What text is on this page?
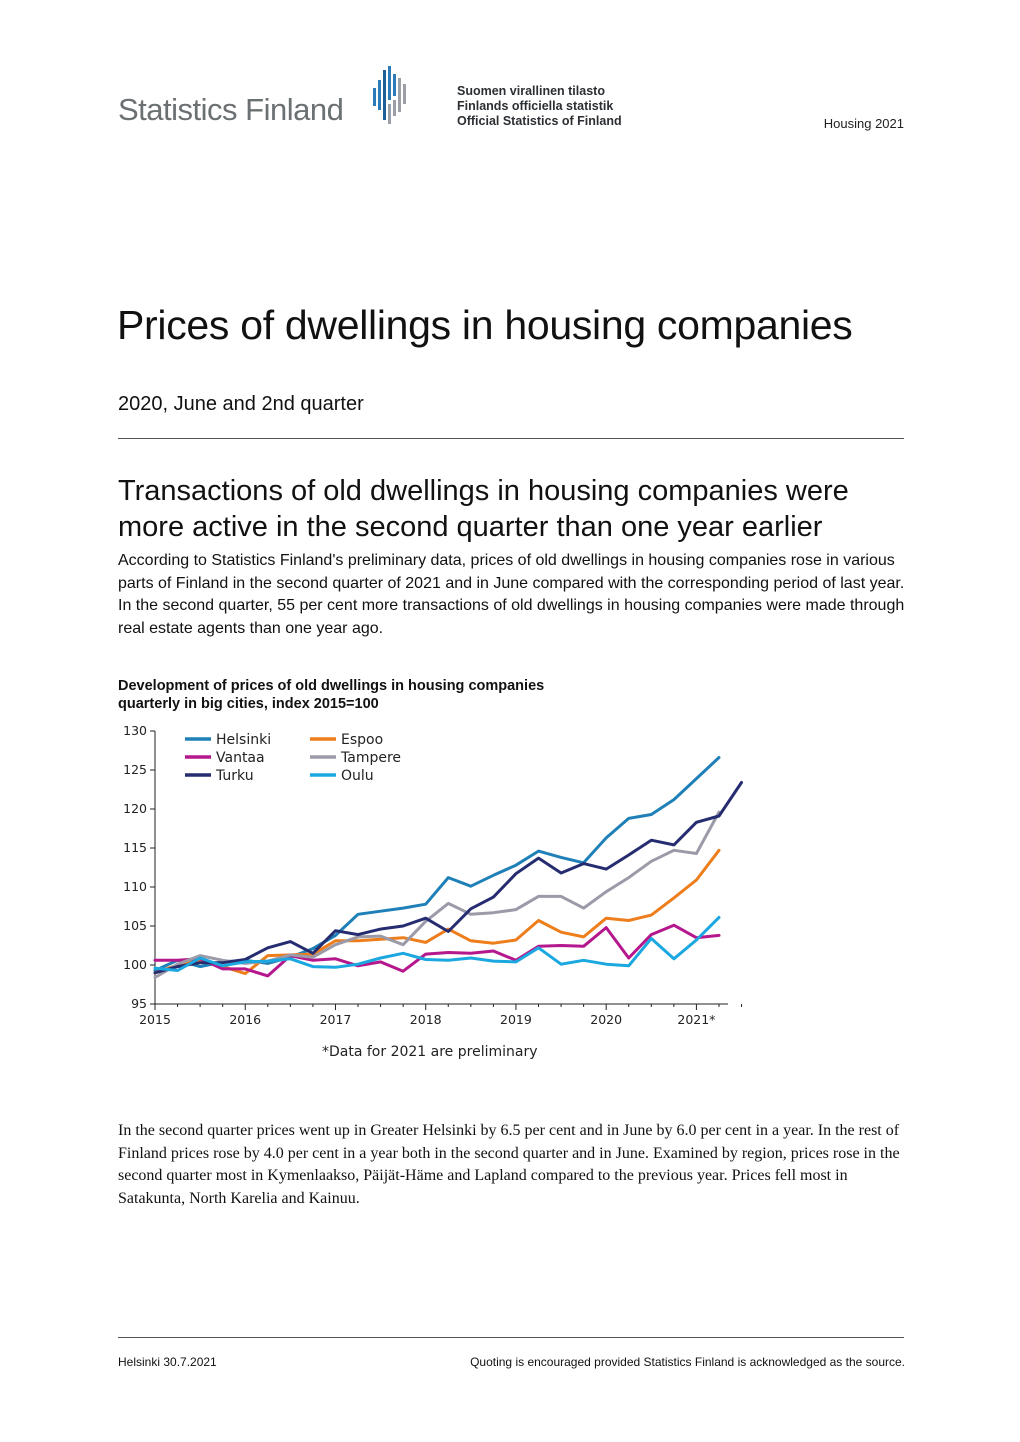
Statistics Finland
Suomen virallinen tilasto
Finlands officiella statistik
Official Statistics of Finland	Housing 2021
Prices of dwellings in housing companies
2020, June and 2nd quarter
Transactions of old dwellings in housing companies were more active in the second quarter than one year earlier
According to Statistics Finland's preliminary data, prices of old dwellings in housing companies rose in various parts of Finland in the second quarter of 2021 and in June compared with the corresponding period of last year. In the second quarter, 55 per cent more transactions of old dwellings in housing companies were made through real estate agents than one year ago.
Development of prices of old dwellings in housing companies
quarterly in big cities, index 2015=100
95
100
105
110
115
120
125
130
2015	2016	2017	2018	2019	2020	2021*
Helsinki	Espoo
Vantaa	Tampere
Turku	Oulu
*Data for 2021 are preliminary
In the second quarter prices went up in Greater Helsinki by 6.5 per cent and in June by 6.0 per cent in a year. In the rest of Finland prices rose by 4.0 per cent in a year both in the second quarter and in June. Examined by region, prices rose in the second quarter most in Kymenlaakso, Päijät-Häme and Lapland compared to the previous year. Prices fell most in Satakunta, North Karelia and Kainuu.
Helsinki 30.7.2021	Quoting is encouraged provided Statistics Finland is acknowledged as the source.
